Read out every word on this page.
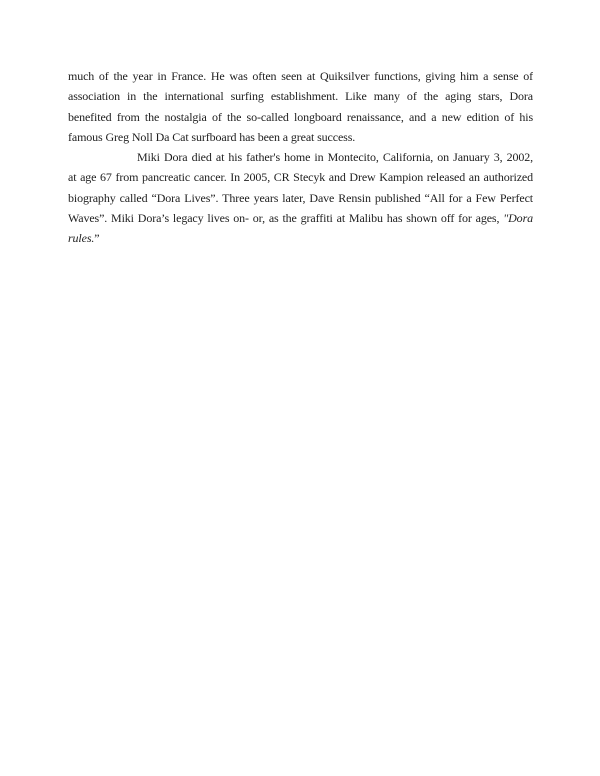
much of the year in France. He was often seen at Quiksilver functions, giving him a sense of
association in the international surfing establishment. Like many of the aging stars, Dora
benefited from the nostalgia of the so-called longboard renaissance, and a new edition of his
famous Greg Noll Da Cat surfboard has been a great success.
Miki Dora died at his father's home in Montecito, California, on January 3, 2002,
at age 67 from pancreatic cancer. In 2005, CR Stecyk and Drew Kampion released an authorized
biography called “Dora Lives”. Three years later, Dave Rensin published “All for a Few Perfect
Waves”. Miki Dora’s legacy lives on- or, as the graffiti at Malibu has shown off for ages, "Dora
rules.”
